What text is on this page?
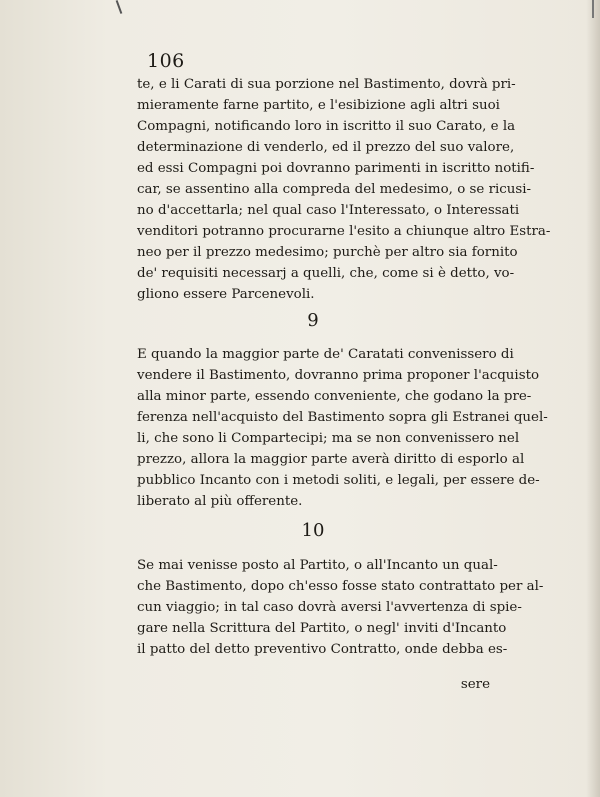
106

te, e li Carati di sua porzione nel Bastimento, dovrà pri-
mieramente farne partito, e l'esibizione agli altri suoi
Compagni, notificando loro in iscritto il suo Carato, e la
determinazione di venderlo, ed il prezzo del suo valore,
ed essi Compagni poi dovranno parimenti in iscritto notifi-
car, se assentino alla compreda del medesimo, o se ricusi-
no d'accettarla; nel qual caso l'Interessato, o Interessati
venditori potranno procurarne l'esito a chiunque altro Estra-
neo per il prezzo medesimo; purchè per altro sia fornito
de' requisiti necessarj a quelli, che, come si è detto, vo-
gliono essere Parcenevoli.
9
E quando la maggior parte de' Caratati convenissero di
vendere il Bastimento, dovranno prima proponer l'acquisto
alla minor parte, essendo conveniente, che godano la pre-
ferenza nell'acquisto del Bastimento sopra gli Estranei quel-
li, che sono li Compartecipi; ma se non convenissero nel
prezzo, allora la maggior parte averà diritto di esporlo al
pubblico Incanto con i metodi soliti, e legali, per essere de-
liberato al più offerente.
10
Se mai venisse posto al Partito, o all'Incanto un qual-
che Bastimento, dopo ch'esso fosse stato contrattato per al-
cun viaggio; in tal caso dovrà aversi l'avvertenza di spie-
gare nella Scrittura del Partito, o negl' inviti d'Incanto
il patto del detto preventivo Contratto, onde debba es-
sere
